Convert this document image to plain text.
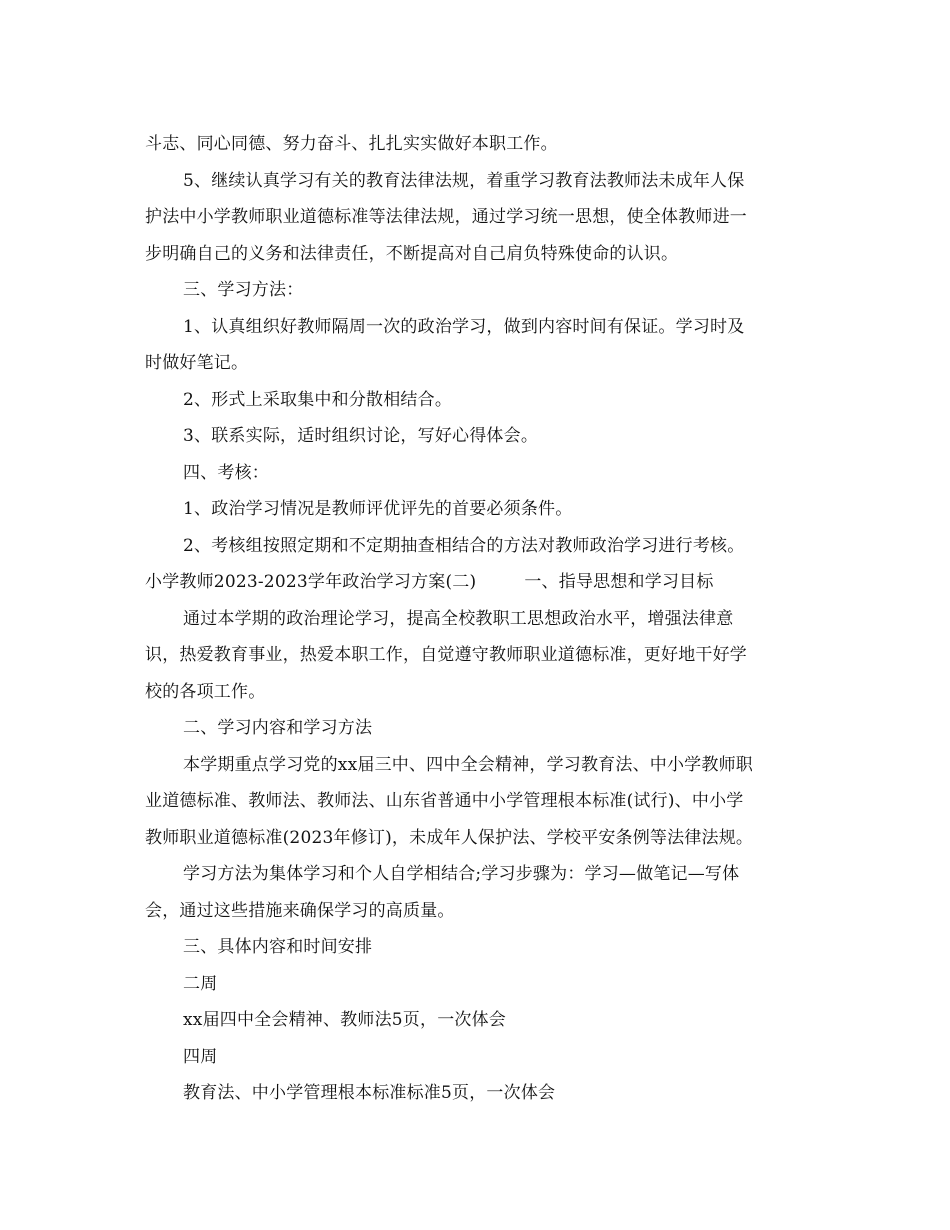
斗志、同心同德、努力奋斗、扎扎实实做好本职工作。
5、继续认真学习有关的教育法律法规，着重学习教育法教师法未成年人保
护法中小学教师职业道德标准等法律法规，通过学习统一思想，使全体教师进一
步明确自己的义务和法律责任，不断提高对自己肩负特殊使命的认识。
三、学习方法：
1、认真组织好教师隔周一次的政治学习，做到内容时间有保证。学习时及
时做好笔记。
2、形式上采取集中和分散相结合。
3、联系实际，适时组织讨论，写好心得体会。
四、考核：
1、政治学习情况是教师评优评先的首要必须条件。
2、考核组按照定期和不定期抽查相结合的方法对教师政治学习进行考核。
小学教师2023-2023学年政治学习方案(二)	一、指导思想和学习目标
通过本学期的政治理论学习，提高全校教职工思想政治水平，增强法律意
识，热爱教育事业，热爱本职工作，自觉遵守教师职业道德标准，更好地干好学
校的各项工作。
二、学习内容和学习方法
本学期重点学习党的xx届三中、四中全会精神，学习教育法、中小学教师职
业道德标准、教师法、教师法、山东省普通中小学管理根本标准(试行)、中小学
教师职业道德标准(2023年修订)，未成年人保护法、学校平安条例等法律法规。
学习方法为集体学习和个人自学相结合;学习步骤为：学习—做笔记—写体
会，通过这些措施来确保学习的高质量。
三、具体内容和时间安排
二周
xx届四中全会精神、教师法5页，一次体会
四周
教育法、中小学管理根本标准标准5页，一次体会
